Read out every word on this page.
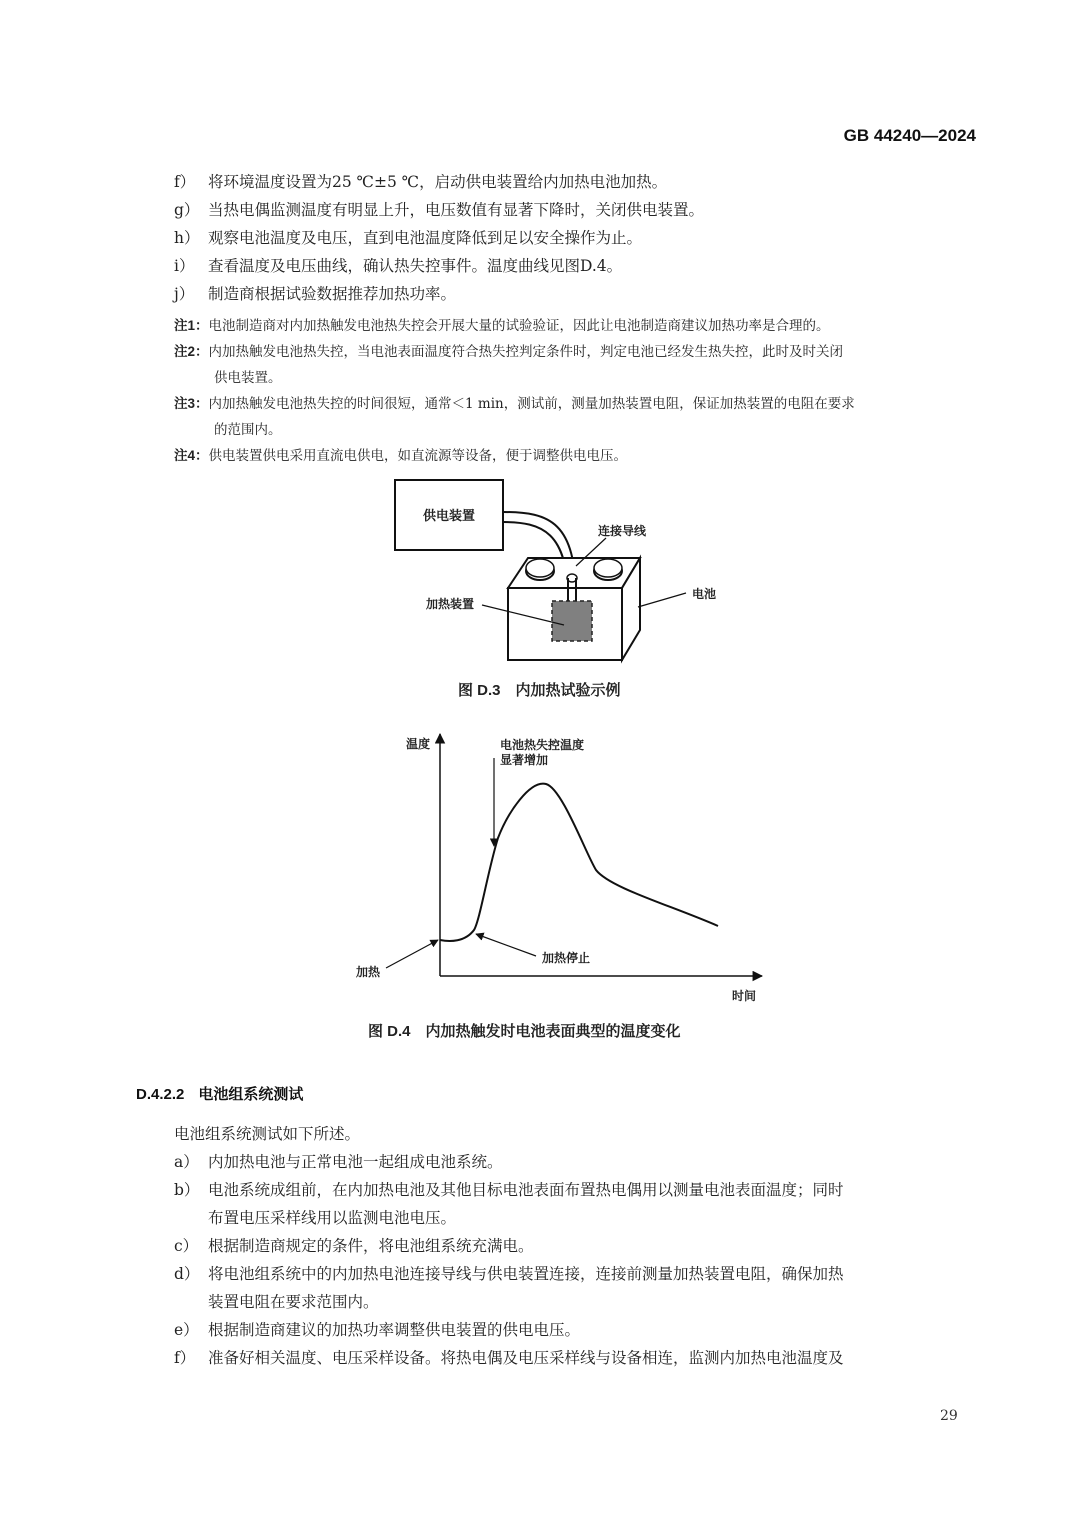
GB 44240—2024
f） 将环境温度设置为25 ℃±5 ℃，启动供电装置给内加热电池加热。
g） 当热电偶监测温度有明显上升，电压数值有显著下降时，关闭供电装置。
h） 观察电池温度及电压，直到电池温度降低到足以安全操作为止。
i） 查看温度及电压曲线，确认热失控事件。温度曲线见图D.4。
j） 制造商根据试验数据推荐加热功率。
注1：电池制造商对内加热触发电池热失控会开展大量的试验验证，因此让电池制造商建议加热功率是合理的。
注2：内加热触发电池热失控，当电池表面温度符合热失控判定条件时，判定电池已经发生热失控，此时及时关闭
供电装置。
注3：内加热触发电池热失控的时间很短，通常＜1 min，测试前，测量加热装置电阻，保证加热装置的电阻在要求
的范围内。
注4：供电装置供电采用直流电供电，如直流源等设备，便于调整供电电压。
供电装置
连接导线
电池
加热装置
图 D.3　内加热试验示例
温度
时间
电池热失控温度
显著增加
加热
加热停止
图 D.4　内加热触发时电池表面典型的温度变化
D.4.2.2 电池组系统测试
电池组系统测试如下所述。
a） 内加热电池与正常电池一起组成电池系统。
b） 电池系统成组前，在内加热电池及其他目标电池表面布置热电偶用以测量电池表面温度；同时
布置电压采样线用以监测电池电压。
c） 根据制造商规定的条件，将电池组系统充满电。
d） 将电池组系统中的内加热电池连接导线与供电装置连接，连接前测量加热装置电阻，确保加热
装置电阻在要求范围内。
e） 根据制造商建议的加热功率调整供电装置的供电电压。
f） 准备好相关温度、电压采样设备。将热电偶及电压采样线与设备相连，监测内加热电池温度及
29
